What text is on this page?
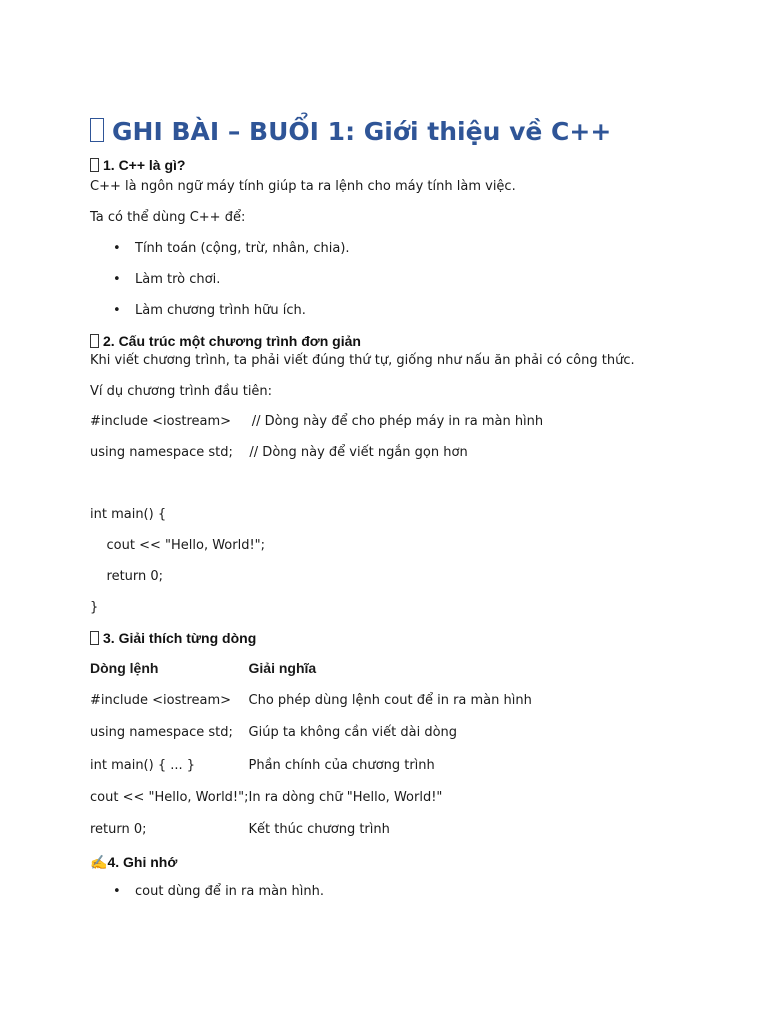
GHI BÀI – BUỔI 1: Giới thiệu về C++
1. C++ là gì?

C++ là ngôn ngữ máy tính giúp ta ra lệnh cho máy tính làm việc.

Ta có thể dùng C++ để:

• Tính toán (cộng, trừ, nhân, chia).
• Làm trò chơi.
• Làm chương trình hữu ích.
2. Cấu trúc một chương trình đơn giản

Khi viết chương trình, ta phải viết đúng thứ tự, giống như nấu ăn phải có công thức.

Ví dụ chương trình đầu tiên:

#include <iostream>     // Dòng này để cho phép máy in ra màn hình

using namespace std;    // Dòng này để viết ngắn gọn hơn

int main() {

cout << "Hello, World!";

return 0;

}

3. Giải thích từng dòng
Dòng lệnh	Giải nghĩa
#include <iostream>	Cho phép dùng lệnh cout để in ra màn hình
using namespace std;	Giúp ta không cần viết dài dòng
int main() { ... }	Phần chính của chương trình
cout << "Hello, World!";	In ra dòng chữ "Hello, World!"
return 0;	Kết thúc chương trình
✍4. Ghi nhớ
• cout dùng để in ra màn hình.
